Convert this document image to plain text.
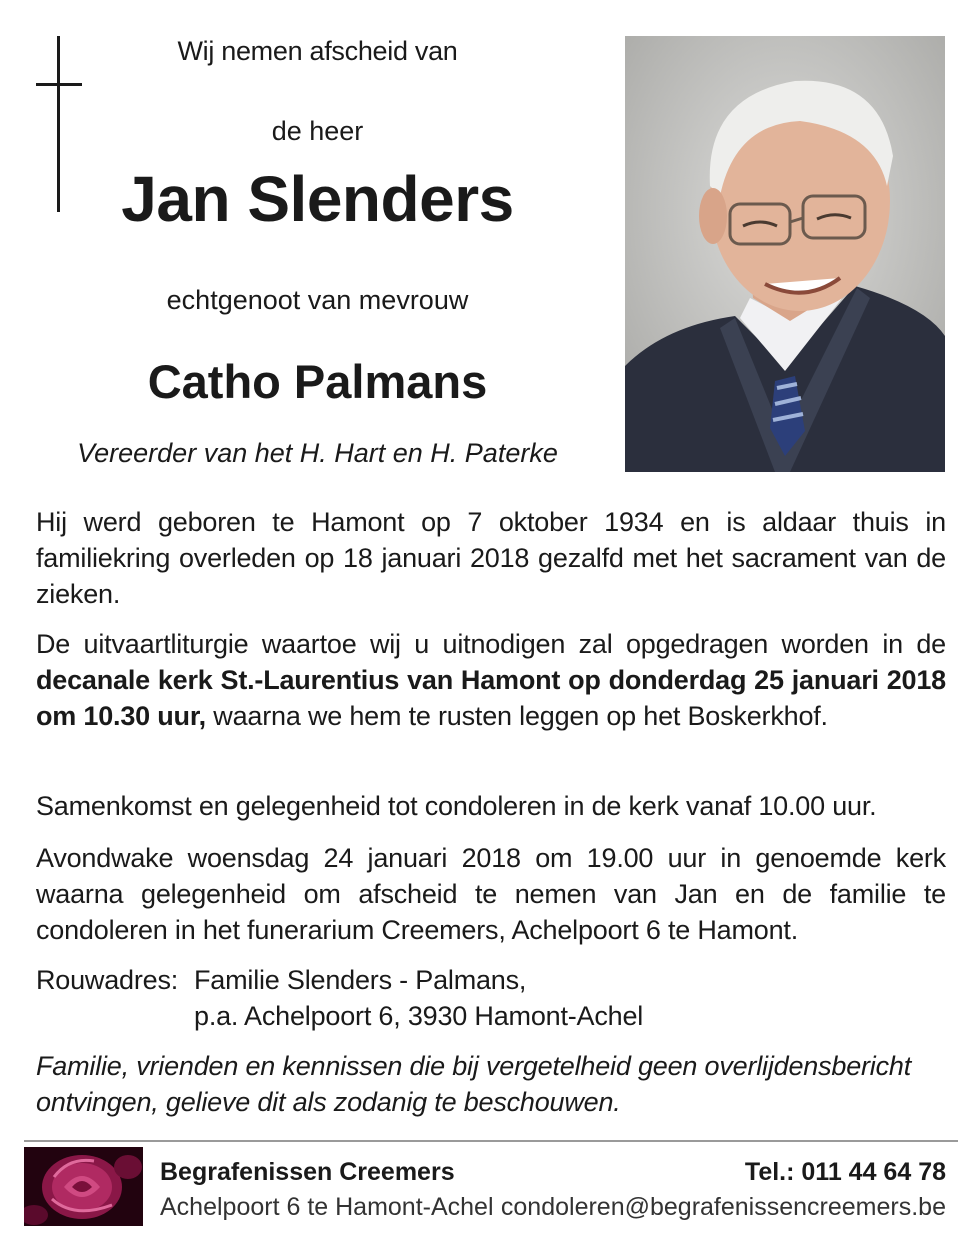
Wij nemen afscheid van
de heer
Jan Slenders
echtgenoot van mevrouw
Catho Palmans
Vereerder van het H. Hart en H. Paterke

Hij werd geboren te Hamont op 7 oktober 1934 en is aldaar thuis in familiekring overleden op 18 januari 2018 gezalfd met het sacrament van de zieken.

De uitvaartliturgie waartoe wij u uitnodigen zal opgedragen worden in de decanale kerk St.-Laurentius van Hamont op donderdag 25 januari 2018 om 10.30 uur, waarna we hem te rusten leggen op het Boskerkhof.

Samenkomst en gelegenheid tot condoleren in de kerk vanaf 10.00 uur.

Avondwake woensdag 24 januari 2018 om 19.00 uur in genoemde kerk waarna gelegenheid om afscheid te nemen van Jan en de familie te condoleren in het funerarium Creemers, Achelpoort 6 te Hamont.

Rouwadres: Familie Slenders - Palmans,
p.a. Achelpoort 6, 3930 Hamont-Achel

Familie, vrienden en kennissen die bij vergetelheid geen overlijdensbericht ontvingen, gelieve dit als zodanig te beschouwen.

Begrafenissen Creemers
Achelpoort 6 te Hamont-Achel
Tel.: 011 44 64 78
condoleren@begrafenissencreemers.be
